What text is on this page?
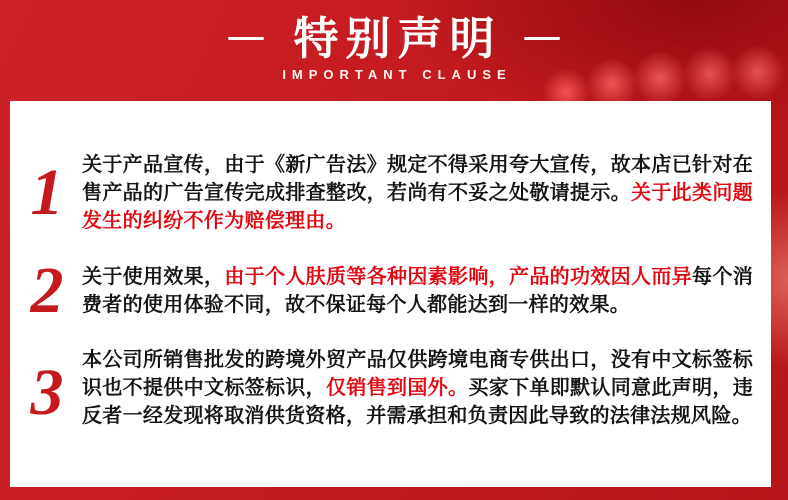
特别声明
IMPORTANT CLAUSE
1 关于产品宣传，由于《新广告法》规定不得采用夸大宣传，故本店已针对在售产品的广告宣传完成排查整改，若尚有不妥之处敬请提示。关于此类问题发生的纠纷不作为赔偿理由。

2 关于使用效果，由于个人肤质等各种因素影响，产品的功效因人而异每个消费者的使用体验不同，故不保证每个人都能达到一样的效果。

3 本公司所销售批发的跨境外贸产品仅供跨境电商专供出口，没有中文标签标识也不提供中文标签标识，仅销售到国外。买家下单即默认同意此声明，违反者一经发现将取消供货资格，并需承担和负责因此导致的法律法规风险。
